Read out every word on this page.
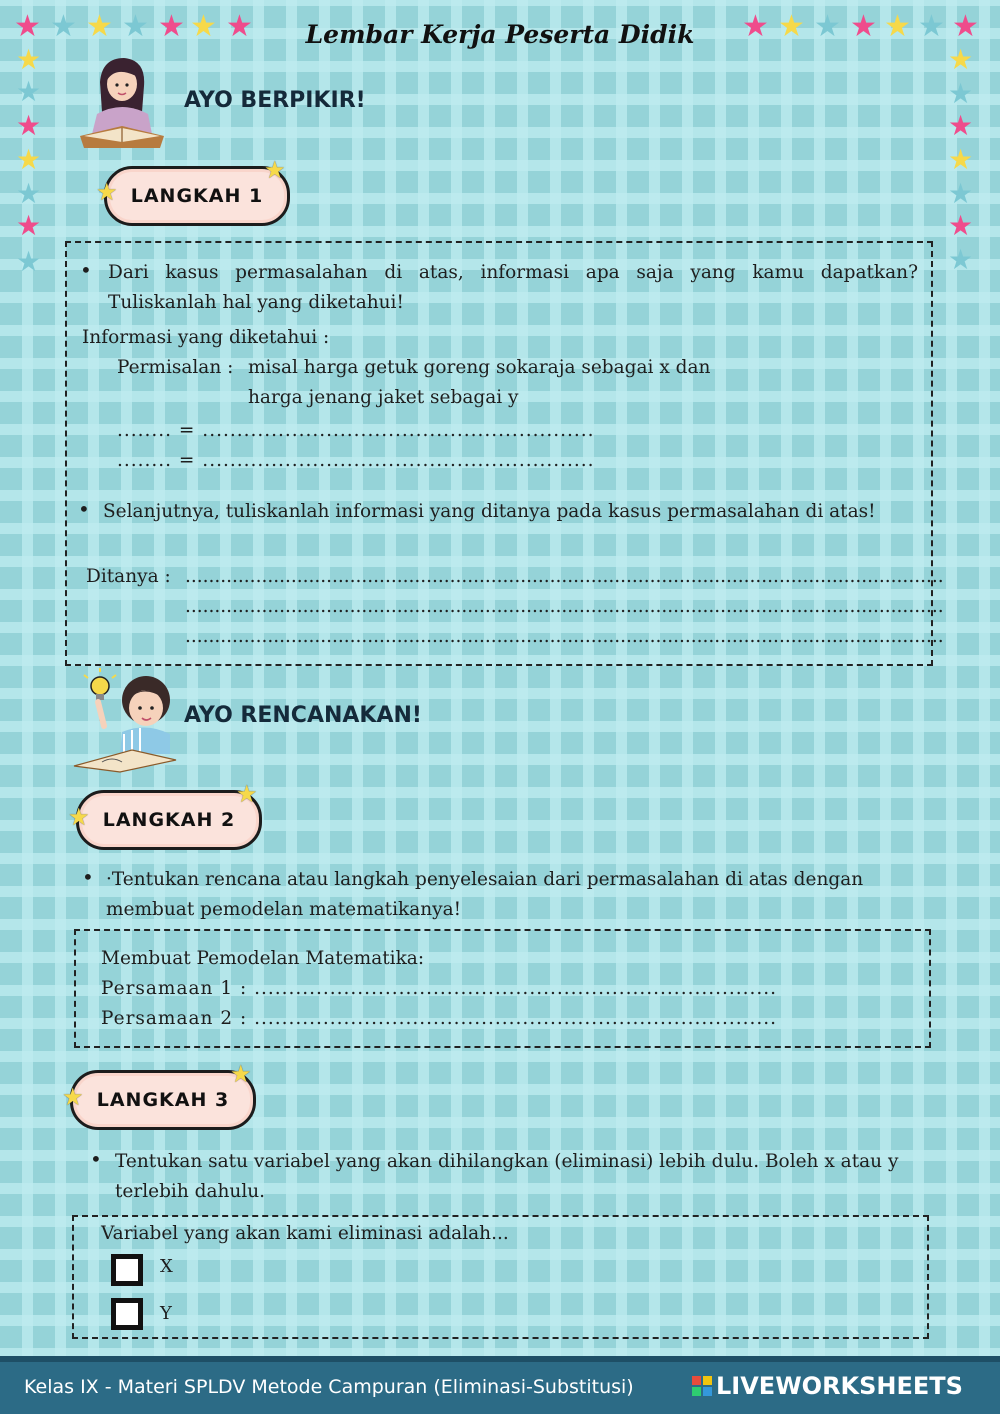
★ ★ ★ ★ ★ ★ ★
★
★
★
★
★
★
★
★ ★ ★ ★ ★ ★ ★
★
★
★
★
★
★
★
Lembar Kerja Peserta Didik
AYO BERPIKIR!
LANGKAH 1
★
★
• Dari kasus permasalahan di atas, informasi apa saja yang kamu dapatkan? Tuliskanlah hal yang diketahui!
Informasi yang diketahui :
Permisalan : misal harga getuk goreng sokaraja sebagai x dan
harga jenang jaket sebagai y
........ = .........................................................
........ = .........................................................
• Selanjutnya, tuliskanlah informasi yang ditanya pada kasus permasalahan di atas!
Ditanya : .................................................................................................................................
.................................................................................................................................
.................................................................................................................................
AYO RENCANAKAN!
LANGKAH 2
★
★
• ·Tentukan rencana atau langkah penyelesaian dari permasalahan di atas dengan membuat pemodelan matematikanya!
Membuat Pemodelan Matematika:
Persamaan 1 : ............................................................................
Persamaan 2 : ............................................................................
LANGKAH 3
★
★
• Tentukan satu variabel yang akan dihilangkan (eliminasi) lebih dulu. Boleh x atau y terlebih dahulu.
Variabel yang akan kami eliminasi adalah...
X
Y
Kelas IX - Materi SPLDV Metode Campuran (Eliminasi-Substitusi)	LIVEWORKSHEETS
